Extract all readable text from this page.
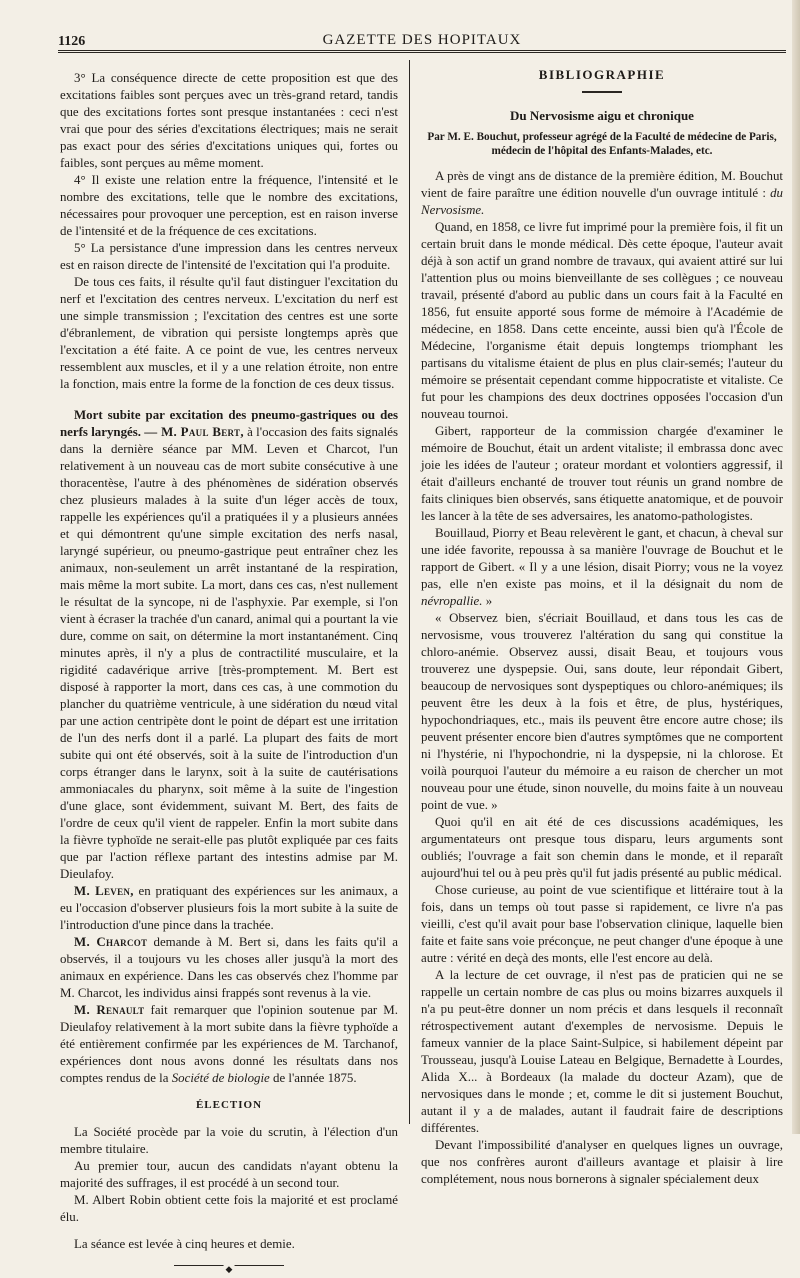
1126	GAZETTE DES HOPITAUX

3° La conséquence directe de cette proposition est que des excitations faibles sont perçues avec un très-grand retard, tandis que des excitations fortes sont presque instantanées : ceci n'est vrai que pour des séries d'excitations électriques; mais ne serait pas exact pour des séries d'excitations uniques qui, fortes ou faibles, sont perçues au même moment.

4° Il existe une relation entre la fréquence, l'intensité et le nombre des excitations, telle que le nombre des excitations, nécessaires pour provoquer une perception, est en raison inverse de l'intensité et de la fréquence de ces excitations.

5° La persistance d'une impression dans les centres nerveux est en raison directe de l'intensité de l'excitation qui l'a produite.

De tous ces faits, il résulte qu'il faut distinguer l'excitation du nerf et l'excitation des centres nerveux. L'excitation du nerf est une simple transmission ; l'excitation des centres est une sorte d'ébranlement, de vibration qui persiste longtemps après que l'excitation a été faite. A ce point de vue, les centres nerveux ressemblent aux muscles, et il y a une relation étroite, non entre la fonction, mais entre la forme de la fonction de ces deux tissus.

Mort subite par excitation des pneumo-gastriques ou des nerfs laryngés. — M. Paul Bert, à l'occasion des faits signalés dans la dernière séance par MM. Leven et Charcot, l'un relativement à un nouveau cas de mort subite consécutive à une thoracentèse, l'autre à des phénomènes de sidération observés chez plusieurs malades à la suite d'un léger accès de toux, rappelle les expériences qu'il a pratiquées il y a plusieurs années et qui démontrent qu'une simple excitation des nerfs nasal, laryngé supérieur, ou pneumo-gastrique peut entraîner chez les animaux, non-seulement un arrêt instantané de la respiration, mais même la mort subite. La mort, dans ces cas, n'est nullement le résultat de la syncope, ni de l'asphyxie. Par exemple, si l'on vient à écraser la trachée d'un canard, animal qui a pourtant la vie dure, comme on sait, on détermine la mort instantanément. Cinq minutes après, il n'y a plus de contractilité musculaire, et la rigidité cadavérique arrive [très-promptement. M. Bert est disposé à rapporter la mort, dans ces cas, à une commotion du plancher du quatrième ventricule, à une sidération du nœud vital par une action centripète dont le point de départ est une irritation de l'un des nerfs dont il a parlé. La plupart des faits de mort subite qui ont été observés, soit à la suite de l'introduction d'un corps étranger dans le larynx, soit à la suite de cautérisations ammoniacales du pharynx, soit même à la suite de l'ingestion d'une glace, sont évidemment, suivant M. Bert, des faits de l'ordre de ceux qu'il vient de rappeler. Enfin la mort subite dans la fièvre typhoïde ne serait-elle pas plutôt expliquée par ces faits que par l'action réflexe partant des intestins admise par M. Dieulafoy.

M. Leven, en pratiquant des expériences sur les animaux, a eu l'occasion d'observer plusieurs fois la mort subite à la suite de l'introduction d'une pince dans la trachée.

M. Charcot demande à M. Bert si, dans les faits qu'il a observés, il a toujours vu les choses aller jusqu'à la mort des animaux en expérience. Dans les cas observés chez l'homme par M. Charcot, les individus ainsi frappés sont revenus à la vie.

M. Renault fait remarquer que l'opinion soutenue par M. Dieulafoy relativement à la mort subite dans la fièvre typhoïde a été entièrement confirmée par les expériences de M. Tarchanof, expériences dont nous avons donné les résultats dans nos comptes rendus de la Société de biologie de l'année 1875.

ÉLECTION

La Société procède par la voie du scrutin, à l'élection d'un membre titulaire.

Au premier tour, aucun des candidats n'ayant obtenu la majorité des suffrages, il est procédé à un second tour.

M. Albert Robin obtient cette fois la majorité et est proclamé élu.

La séance est levée à cinq heures et demie.

◆
BIBLIOGRAPHIE
Du Nervosisme aigu et chronique

Par M. E. Bouchut, professeur agrégé de la Faculté de médecine de Paris, médecin de l'hôpital des Enfants-Malades, etc.

A près de vingt ans de distance de la première édition, M. Bouchut vient de faire paraître une édition nouvelle d'un ouvrage intitulé : du Nervosisme.

Quand, en 1858, ce livre fut imprimé pour la première fois, il fit un certain bruit dans le monde médical. Dès cette époque, l'auteur avait déjà à son actif un grand nombre de travaux, qui avaient attiré sur lui l'attention plus ou moins bienveillante de ses collègues ; ce nouveau travail, présenté d'abord au public dans un cours fait à la Faculté en 1856, fut ensuite apporté sous forme de mémoire à l'Académie de médecine, en 1858. Dans cette enceinte, aussi bien qu'à l'École de Médecine, l'organisme était depuis longtemps triomphant les partisans du vitalisme étaient de plus en plus clair-semés; l'auteur du mémoire se présentait cependant comme hippocratiste et vitaliste. Ce fut pour les champions des deux doctrines opposées l'occasion d'un nouveau tournoi.

Gibert, rapporteur de la commission chargée d'examiner le mémoire de Bouchut, était un ardent vitaliste; il embrassa donc avec joie les idées de l'auteur ; orateur mordant et volontiers aggressif, il était d'ailleurs enchanté de trouver tout réunis un grand nombre de faits cliniques bien observés, sans étiquette anatomique, et de pouvoir les lancer à la tête de ses adversaires, les anatomo-pathologistes.

Bouillaud, Piorry et Beau relevèrent le gant, et chacun, à cheval sur une idée favorite, repoussa à sa manière l'ouvrage de Bouchut et le rapport de Gibert. « Il y a une lésion, disait Piorry; vous ne la voyez pas, elle n'en existe pas moins, et il la désignait du nom de névropallie. »

« Observez bien, s'écriait Bouillaud, et dans tous les cas de nervosisme, vous trouverez l'altération du sang qui constitue la chloro-anémie. Observez aussi, disait Beau, et toujours vous trouverez une dyspepsie. Oui, sans doute, leur répondait Gibert, beaucoup de nervosiques sont dyspeptiques ou chloro-anémiques; ils peuvent être les deux à la fois et être, de plus, hystériques, hypochondriaques, etc., mais ils peuvent être encore autre chose; ils peuvent présenter encore bien d'autres symptômes que ne comportent ni l'hystérie, ni l'hypochondrie, ni la dyspepsie, ni la chlorose. Et voilà pourquoi l'auteur du mémoire a eu raison de chercher un mot nouveau pour une étude, sinon nouvelle, du moins faite à un nouveau point de vue. »

Quoi qu'il en ait été de ces discussions académiques, les argumentateurs ont presque tous disparu, leurs arguments sont oubliés; l'ouvrage a fait son chemin dans le monde, et il reparaît aujourd'hui tel ou à peu près qu'il fut jadis présenté au public médical.

Chose curieuse, au point de vue scientifique et littéraire tout à la fois, dans un temps où tout passe si rapidement, ce livre n'a pas vieilli, c'est qu'il avait pour base l'observation clinique, laquelle bien faite et faite sans voie préconçue, ne peut changer d'une époque à une autre : vérité en deçà des monts, elle l'est encore au delà.

A la lecture de cet ouvrage, il n'est pas de praticien qui ne se rappelle un certain nombre de cas plus ou moins bizarres auxquels il n'a pu peut-être donner un nom précis et dans lesquels il reconnaît rétrospectivement autant d'exemples de nervosisme. Depuis le fameux vannier de la place Saint-Sulpice, si habilement dépeint par Trousseau, jusqu'à Louise Lateau en Belgique, Bernadette à Lourdes, Alida X... à Bordeaux (la malade du docteur Azam), que de nervosiques dans le monde ; et, comme le dit si justement Bouchut, autant il y a de malades, autant il faudrait faire de descriptions différentes.

Devant l'impossibilité d'analyser en quelques lignes un ouvrage, que nos confrères auront d'ailleurs avantage et plaisir à lire complétement, nous nous bornerons à signaler spécialement deux
